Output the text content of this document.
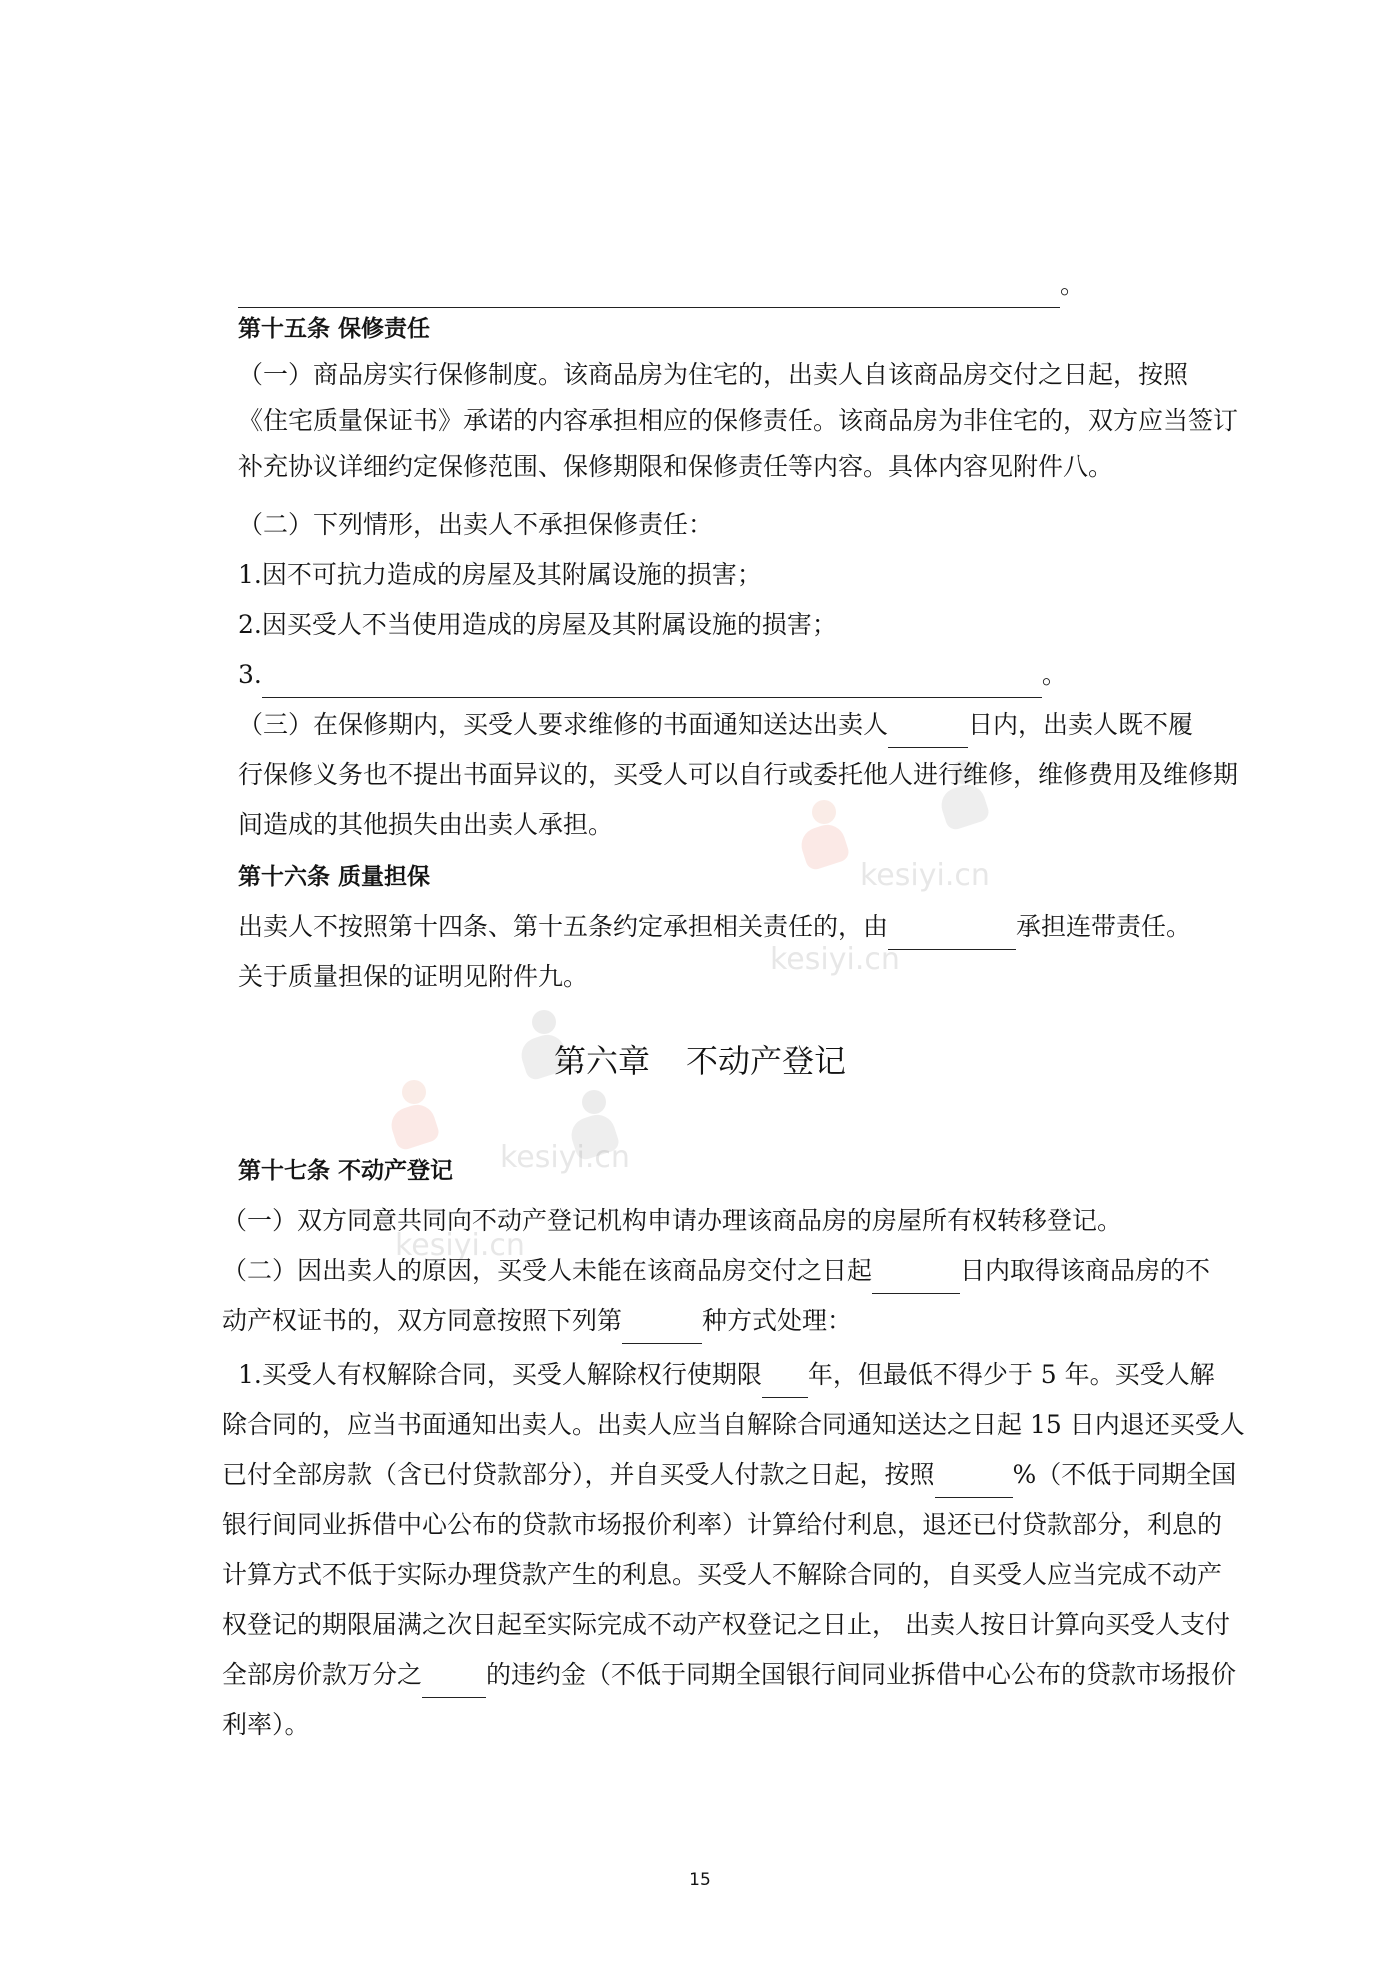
kesiyi.cn
kesiyi.cn
kesiyi.cn
kesiyi.cn
。
第十五条 保修责任
（一）商品房实行保修制度。该商品房为住宅的，出卖人自该商品房交付之日起，按照
《住宅质量保证书》承诺的内容承担相应的保修责任。该商品房为非住宅的，双方应当签订
补充协议详细约定保修范围、保修期限和保修责任等内容。具体内容见附件八。
（二）下列情形，出卖人不承担保修责任：
1.因不可抗力造成的房屋及其附属设施的损害；
2.因买受人不当使用造成的房屋及其附属设施的损害；
3.	。
（三）在保修期内，买受人要求维修的书面通知送达出卖人	日内，出卖人既不履
行保修义务也不提出书面异议的，买受人可以自行或委托他人进行维修，维修费用及维修期
间造成的其他损失由出卖人承担。
第十六条 质量担保
出卖人不按照第十四条、第十五条约定承担相关责任的，由	承担连带责任。
关于质量担保的证明见附件九。
第六章 不动产登记
第十七条 不动产登记
（一）双方同意共同向不动产登记机构申请办理该商品房的房屋所有权转移登记。
（二）因出卖人的原因，买受人未能在该商品房交付之日起	日内取得该商品房的不
动产权证书的，双方同意按照下列第	种方式处理：
1.买受人有权解除合同，买受人解除权行使期限 年，但最低不得少于 5 年。买受人解
除合同的，应当书面通知出卖人。出卖人应当自解除合同通知送达之日起 15 日内退还买受人
已付全部房款（含已付贷款部分），并自买受人付款之日起，按照	%（不低于同期全国
银行间同业拆借中心公布的贷款市场报价利率）计算给付利息，退还已付贷款部分，利息的
计算方式不低于实际办理贷款产生的利息。买受人不解除合同的，自买受人应当完成不动产
权登记的期限届满之次日起至实际完成不动产权登记之日止， 出卖人按日计算向买受人支付
全部房价款万分之	的违约金（不低于同期全国银行间同业拆借中心公布的贷款市场报价
利率）。
15
